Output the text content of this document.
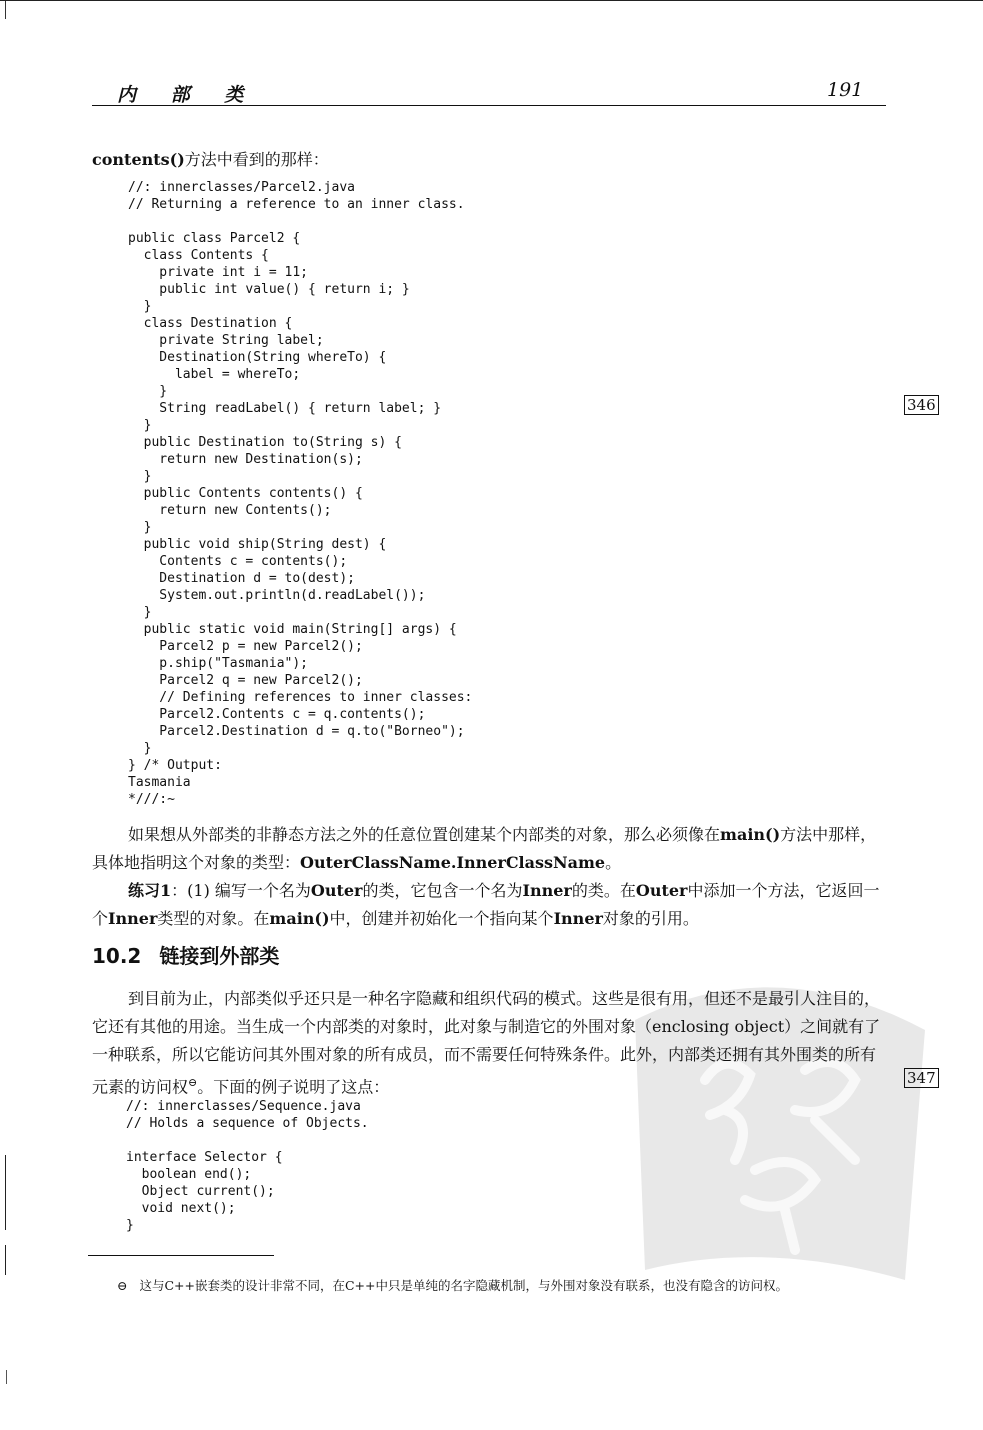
内 部 类	191
contents()方法中看到的那样：
//: innerclasses/Parcel2.java
// Returning a reference to an inner class.

public class Parcel2 {
class Contents {
private int i = 11;
public int value() { return i; }
}
class Destination {
private String label;
Destination(String whereTo) {
label = whereTo;
}
String readLabel() { return label; }
}
public Destination to(String s) {
return new Destination(s);
}
public Contents contents() {
return new Contents();
}
public void ship(String dest) {
Contents c = contents();
Destination d = to(dest);
System.out.println(d.readLabel());
}
public static void main(String[] args) {
Parcel2 p = new Parcel2();
p.ship("Tasmania");
Parcel2 q = new Parcel2();
// Defining references to inner classes:
Parcel2.Contents c = q.contents();
Parcel2.Destination d = q.to("Borneo");
}
} /* Output:
Tasmania
*///:~
346
如果想从外部类的非静态方法之外的任意位置创建某个内部类的对象，那么必须像在main()方法中那样，具体地指明这个对象的类型：OuterClassName.InnerClassName。
练习1：(1) 编写一个名为Outer的类，它包含一个名为Inner的类。在Outer中添加一个方法，它返回一个Inner类型的对象。在main()中，创建并初始化一个指向某个Inner对象的引用。
10.2 链接到外部类
到目前为止，内部类似乎还只是一种名字隐藏和组织代码的模式。这些是很有用，但还不是最引人注目的，它还有其他的用途。当生成一个内部类的对象时，此对象与制造它的外围对象（enclosing object）之间就有了一种联系，所以它能访问其外围对象的所有成员，而不需要任何特殊条件。此外，内部类还拥有其外围类的所有元素的访问权⊖。下面的例子说明了这点：	347
//: innerclasses/Sequence.java
// Holds a sequence of Objects.

interface Selector {
boolean end();
Object current();
void next();
}
⊖ 这与C++嵌套类的设计非常不同，在C++中只是单纯的名字隐藏机制，与外围对象没有联系，也没有隐含的访问权。
